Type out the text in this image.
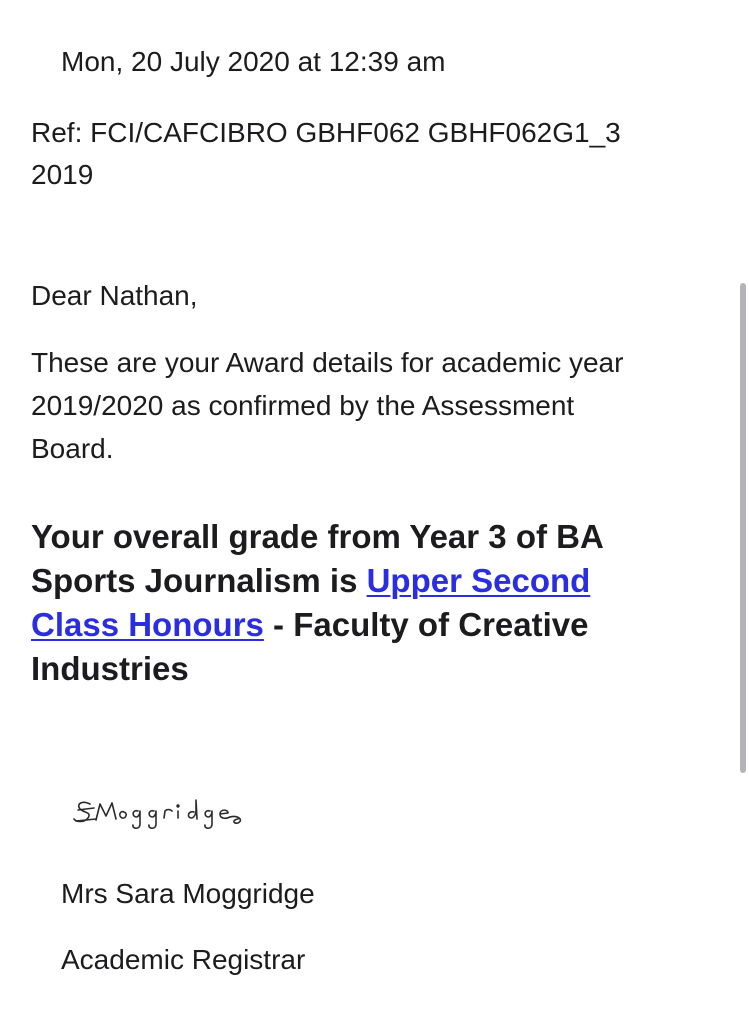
Mon, 20 July 2020 at 12:39 am
Ref: FCI/CAFCIBRO GBHF062 GBHF062G1_3
2019
Dear Nathan,
These are your Award details for academic year
2019/2020 as confirmed by the Assessment
Board.
Your overall grade from Year 3 of BA
Sports Journalism is Upper Second
Class Honours - Faculty of Creative
Industries
SMoggridge
Mrs Sara Moggridge
Academic Registrar
